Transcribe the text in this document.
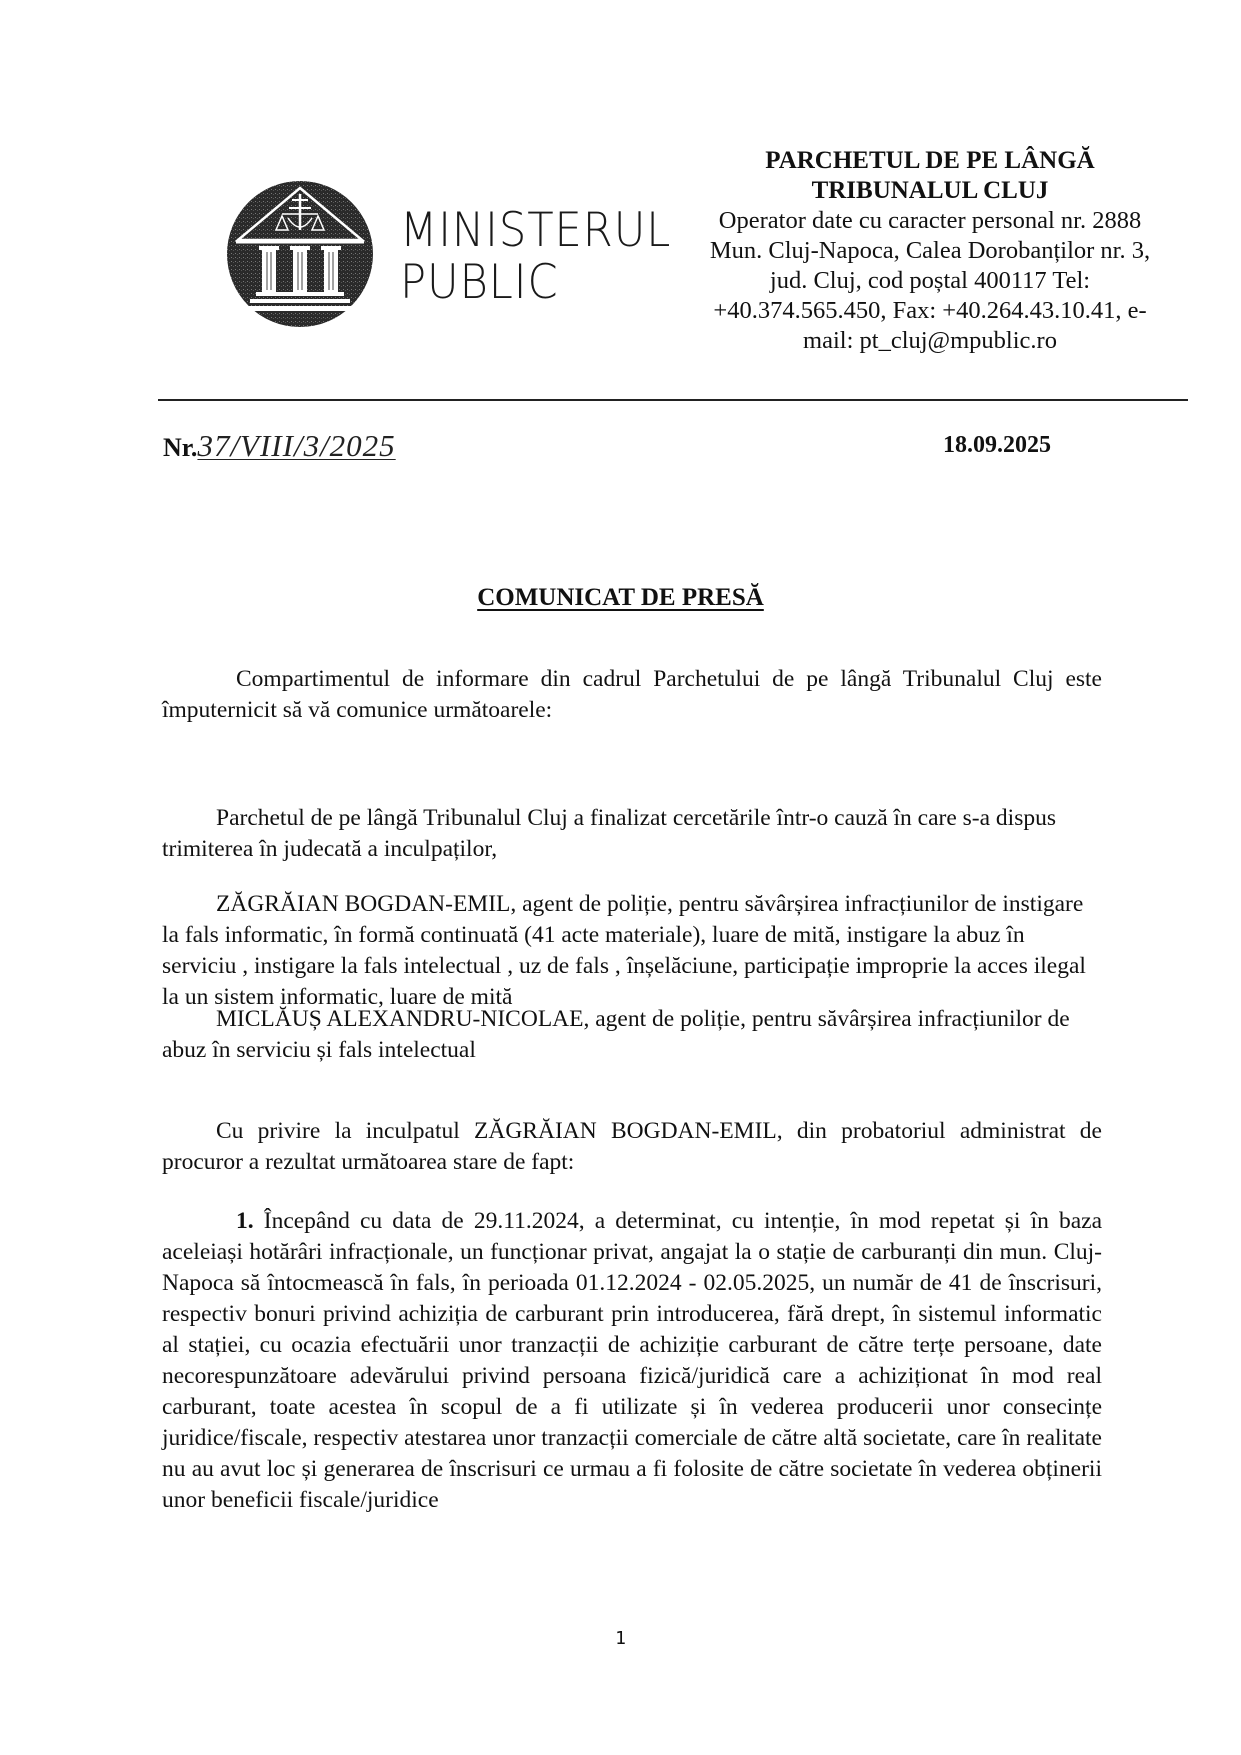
MINISTERUL
PUBLIC
PARCHETUL DE PE LÂNGĂ
TRIBUNALUL CLUJ
Operator date cu caracter personal nr. 2888
Mun. Cluj-Napoca, Calea Dorobanților nr. 3,
jud. Cluj, cod poștal 400117 Tel:
+40.374.565.450, Fax: +40.264.43.10.41, e-
mail: pt_cluj@mpublic.ro
Nr.37/VIII/3/2025	18.09.2025
COMUNICAT DE PRESĂ
Compartimentul de informare din cadrul Parchetului de pe lângă Tribunalul Cluj este împuternicit să vă comunice următoarele:
Parchetul de pe lângă Tribunalul Cluj a finalizat cercetările într-o cauză în care s-a dispus trimiterea în judecată a inculpaților,
ZĂGRĂIAN BOGDAN-EMIL, agent de poliție, pentru săvârșirea infracțiunilor de instigare la fals informatic, în formă continuată (41 acte materiale), luare de mită, instigare la abuz în serviciu , instigare la fals intelectual , uz de fals , înșelăciune, participație improprie la acces ilegal la un sistem informatic, luare de mită
MICLĂUȘ ALEXANDRU-NICOLAE, agent de poliție, pentru săvârșirea infracțiunilor de abuz în serviciu și fals intelectual
Cu privire la inculpatul ZĂGRĂIAN BOGDAN-EMIL, din probatoriul administrat de procuror a rezultat următoarea stare de fapt:
1. Începând cu data de 29.11.2024, a determinat, cu intenție, în mod repetat și în baza aceleiași hotărâri infracționale, un funcționar privat, angajat la o stație de carburanți din mun. Cluj-Napoca să întocmească în fals, în perioada 01.12.2024 - 02.05.2025, un număr de 41 de înscrisuri, respectiv bonuri privind achiziția de carburant prin introducerea, fără drept, în sistemul informatic al stației, cu ocazia efectuării unor tranzacții de achiziție carburant de către terțe persoane, date necorespunzătoare adevărului privind persoana fizică/juridică care a achiziționat în mod real carburant, toate acestea în scopul de a fi utilizate și în vederea producerii unor consecințe juridice/fiscale, respectiv atestarea unor tranzacții comerciale de către altă societate, care în realitate nu au avut loc și generarea de înscrisuri ce urmau a fi folosite de către societate în vederea obținerii unor beneficii fiscale/juridice
1
